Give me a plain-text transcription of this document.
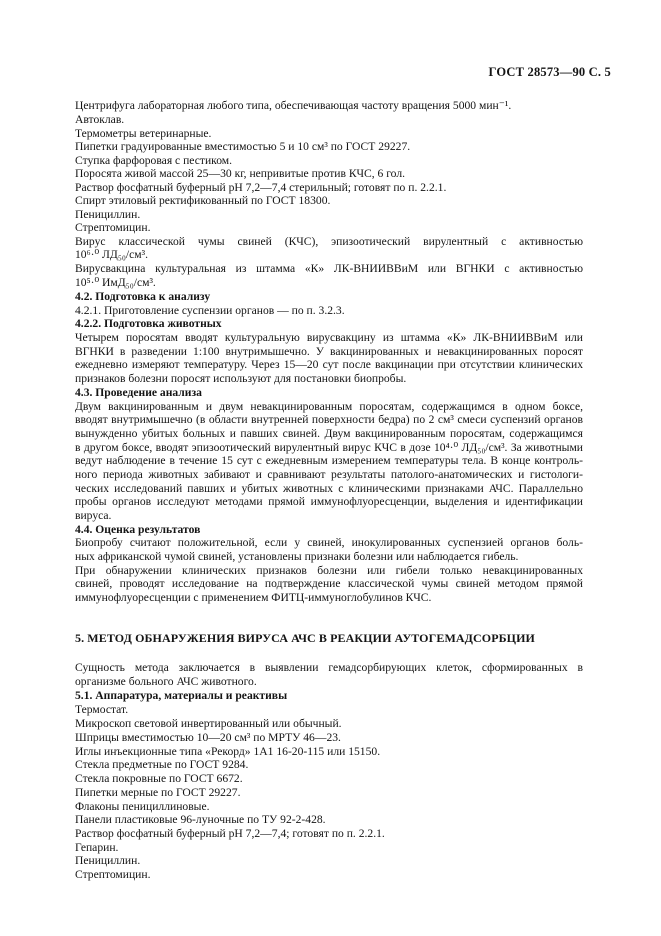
ГОСТ 28573—90 С. 5
Центрифуга лабораторная любого типа, обеспечивающая частоту вращения 5000 мин⁻¹.
Автоклав.
Термометры ветеринарные.
Пипетки градуированные вместимостью 5 и 10 см³ по ГОСТ 29227.
Ступка фарфоровая с пестиком.
Поросята живой массой 25—30 кг, непривитые против КЧС, 6 гол.
Раствор фосфатный буферный рН 7,2—7,4 стерильный; готовят по п. 2.2.1.
Спирт этиловый ректификованный по ГОСТ 18300.
Пенициллин.
Стрептомицин.
Вирус классической чумы свиней (КЧС), эпизоотический вирулентный с активностью
10⁶·⁰ ЛД₅₀/см³.
Вирусвакцина культуральная из штамма «К» ЛК-ВНИИВВиМ или ВГНКИ с активностью
10⁵·⁰ ИмД₅₀/см³.
4.2. Подготовка к анализу
4.2.1. Приготовление суспензии органов — по п. 3.2.3.
4.2.2. Подготовка животных
Четырем поросятам вводят культуральную вирусвакцину из штамма «К» ЛК-ВНИИВВиМ или
ВГНКИ в разведении 1:100 внутримышечно. У вакцинированных и невакцинированных поросят
ежедневно измеряют температуру. Через 15—20 сут после вакцинации при отсутствии клинических
признаков болезни поросят используют для постановки биопробы.
4.3. Проведение анализа
Двум вакцинированным и двум невакцинированным поросятам, содержащимся в одном боксе,
вводят внутримышечно (в области внутренней поверхности бедра) по 2 см³ смеси суспензий органов
вынужденно убитых больных и павших свиней. Двум вакцинированным поросятам, содержащимся
в другом боксе, вводят эпизоотический вирулентный вирус КЧС в дозе 10⁴·⁰ ЛД₅₀/см³. За животными
ведут наблюдение в течение 15 сут с ежедневным измерением температуры тела. В конце контроль-
ного периода животных забивают и сравнивают результаты патолого-анатомических и гистологи-
ческих исследований павших и убитых животных с клиническими признаками АЧС. Параллельно
пробы органов исследуют методами прямой иммунофлуоресценции, выделения и идентификации
вируса.
4.4. Оценка результатов
Биопробу считают положительной, если у свиней, инокулированных суспензией органов боль-
ных африканской чумой свиней, установлены признаки болезни или наблюдается гибель.
При обнаружении клинических признаков болезни или гибели только невакцинированных
свиней, проводят исследование на подтверждение классической чумы свиней методом прямой
иммунофлуоресценции с применением ФИТЦ-иммуноглобулинов КЧС.
5. МЕТОД ОБНАРУЖЕНИЯ ВИРУСА АЧС В РЕАКЦИИ АУТОГЕМАДСОРБЦИИ
Сущность метода заключается в выявлении гемадсорбирующих клеток, сформированных в
организме больного АЧС животного.
5.1. Аппаратура, материалы и реактивы
Термостат.
Микроскоп световой инвертированный или обычный.
Шприцы вместимостью 10—20 см³ по МРТУ 46—23.
Иглы инъекционные типа «Рекорд» 1А1 16-20-115 или 15150.
Стекла предметные по ГОСТ 9284.
Стекла покровные по ГОСТ 6672.
Пипетки мерные по ГОСТ 29227.
Флаконы пенициллиновые.
Панели пластиковые 96-луночные по ТУ 92-2-428.
Раствор фосфатный буферный рН 7,2—7,4; готовят по п. 2.2.1.
Гепарин.
Пенициллин.
Стрептомицин.
